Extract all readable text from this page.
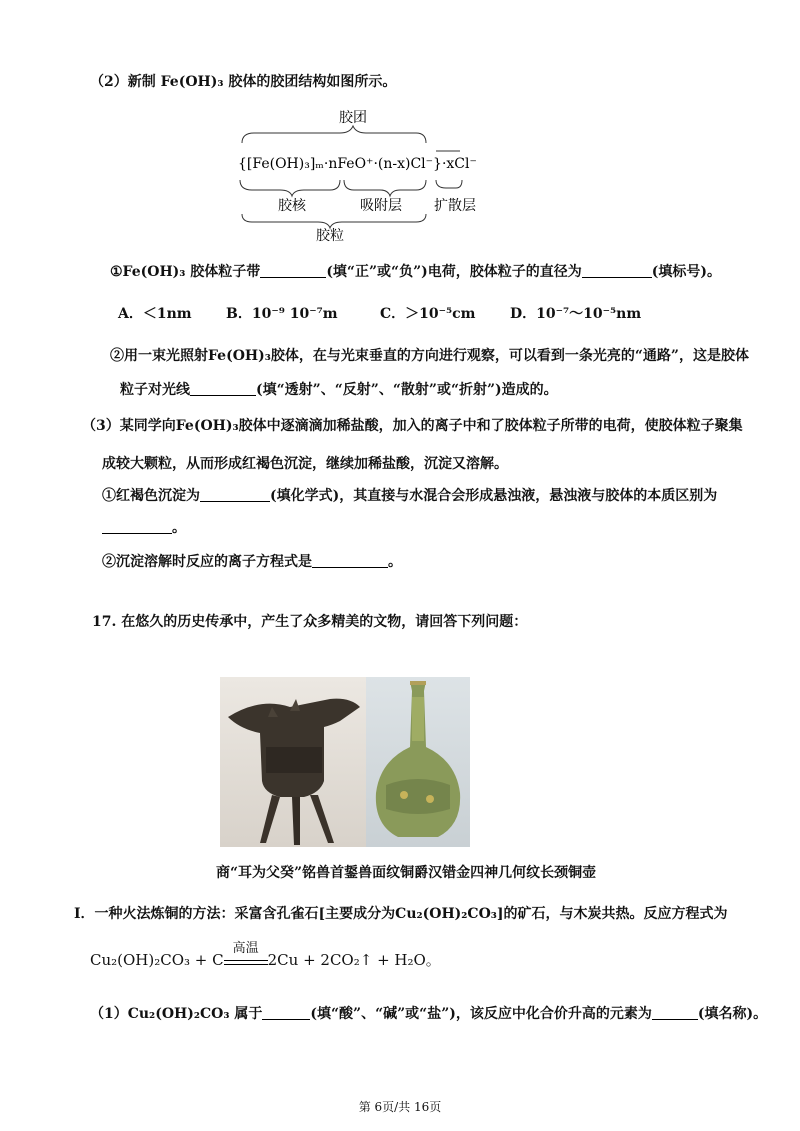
（2）新制 Fe(OH)₃ 胶体的胶团结构如图所示。
胶团
{[Fe(OH)₃]ₘ·nFeO⁺·(n-x)Cl⁻}·xCl⁻
胶核	吸附层 扩散层
胶粒
①Fe(OH)₃ 胶体粒子带	(填“正”或“负”)电荷，胶体粒子的直径为	(填标号)。
A．＜1nm B．10⁻⁹ 10⁻⁷m	C．＞10⁻⁵cm D．10⁻⁷～10⁻⁵nm
②用一束光照射Fe(OH)₃胶体，在与光束垂直的方向进行观察，可以看到一条光亮的“通路”，这是胶体
粒子对光线	(填“透射”、“反射”、“散射”或“折射”)造成的。
（3）某同学向Fe(OH)₃胶体中逐滴滴加稀盐酸，加入的离子中和了胶体粒子所带的电荷，使胶体粒子聚集
成较大颗粒，从而形成红褐色沉淀，继续加稀盐酸，沉淀又溶解。
①红褐色沉淀为	(填化学式)，其直接与水混合会形成悬浊液，悬浊液与胶体的本质区别为
。
②沉淀溶解时反应的离子方程式是	。
17. 在悠久的历史传承中，产生了众多精美的文物，请回答下列问题：
商“耳为父癸”铭兽首鋬兽面纹铜爵汉错金四神几何纹长颈铜壶
I．一种火法炼铜的方法：采富含孔雀石[主要成分为Cu₂(OH)₂CO₃]的矿石，与木炭共热。反应方程式为
Cu₂(OH)₂CO₃ + C
高温
2Cu + 2CO₂↑ + H₂O。
（1）Cu₂(OH)₂CO₃ 属于	(填“酸”、“碱”或“盐”)，该反应中化合价升高的元素为	(填名称)。
第 6页/共 16页
